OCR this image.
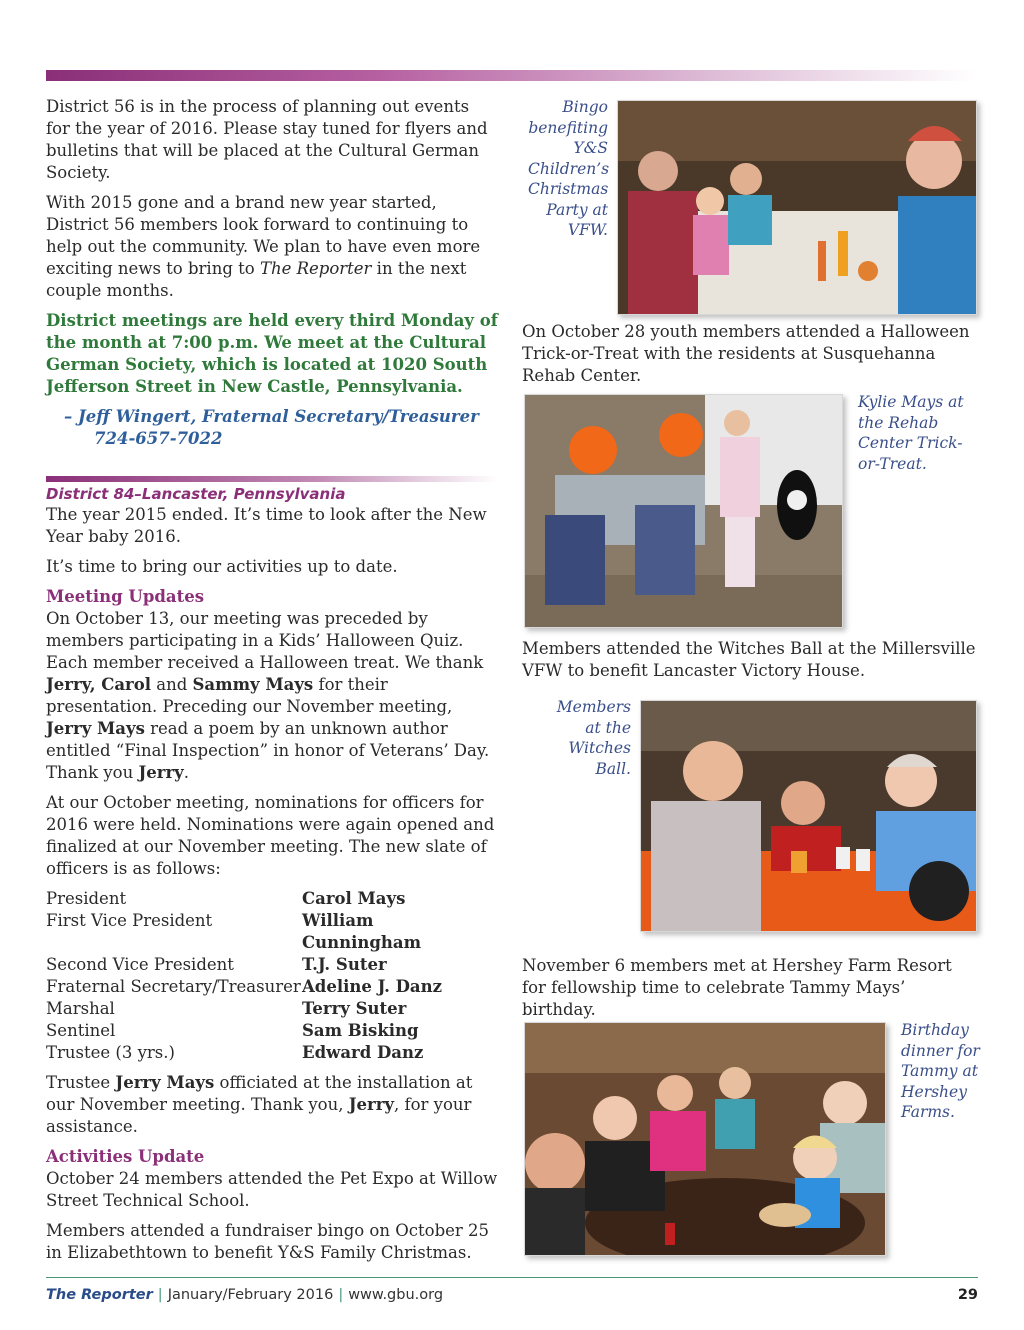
District 56 is in the process of planning out events for the year of 2016. Please stay tuned for flyers and bulletins that will be placed at the Cultural German Society.

With 2015 gone and a brand new year started, District 56 members look forward to continuing to help out the community. We plan to have even more exciting news to bring to The Reporter in the next couple months.

District meetings are held every third Monday of the month at 7:00 p.m. We meet at the Cultural German Society, which is located at 1020 South Jefferson Street in New Castle, Pennsylvania.

– Jeff Wingert, Fraternal Secretary/Treasurer
724-657-7022
District 84–Lancaster, Pennsylvania

The year 2015 ended. It’s time to look after the New Year baby 2016.

It’s time to bring our activities up to date.

Meeting Updates

On October 13, our meeting was preceded by members participating in a Kids’ Halloween Quiz. Each member received a Halloween treat. We thank Jerry, Carol and Sammy Mays for their presentation. Preceding our November meeting, Jerry Mays read a poem by an unknown author entitled “Final Inspection” in honor of Veterans’ Day. Thank you Jerry.

At our October meeting, nominations for officers for 2016 were held. Nominations were again opened and finalized at our November meeting. The new slate of officers is as follows:

President	Carol Mays
First Vice President	William Cunningham
Second Vice President	T.J. Suter
Fraternal Secretary/Treasurer	Adeline J. Danz
Marshal	Terry Suter
Sentinel	Sam Bisking
Trustee (3 yrs.)	Edward Danz

Trustee Jerry Mays officiated at the installation at our November meeting. Thank you, Jerry, for your assistance.

Activities Update

October 24 members attended the Pet Expo at Willow Street Technical School.

Members attended a fundraiser bingo on October 25 in Elizabethtown to benefit Y&S Family Christmas.

Bingo benefiting Y&S Children’s Christmas Party at VFW.
On October 28 youth members attended a Halloween Trick-or-Treat with the residents at Susquehanna Rehab Center.
Kylie Mays at the Rehab Center Trick-or-Treat.
Members attended the Witches Ball at the Millersville VFW to benefit Lancaster Victory House.
Members at the Witches Ball.
November 6 members met at Hershey Farm Resort for fellowship time to celebrate Tammy Mays’ birthday.
Birthday dinner for Tammy at Hershey Farms.
The Reporter | January/February 2016 | www.gbu.org	29
